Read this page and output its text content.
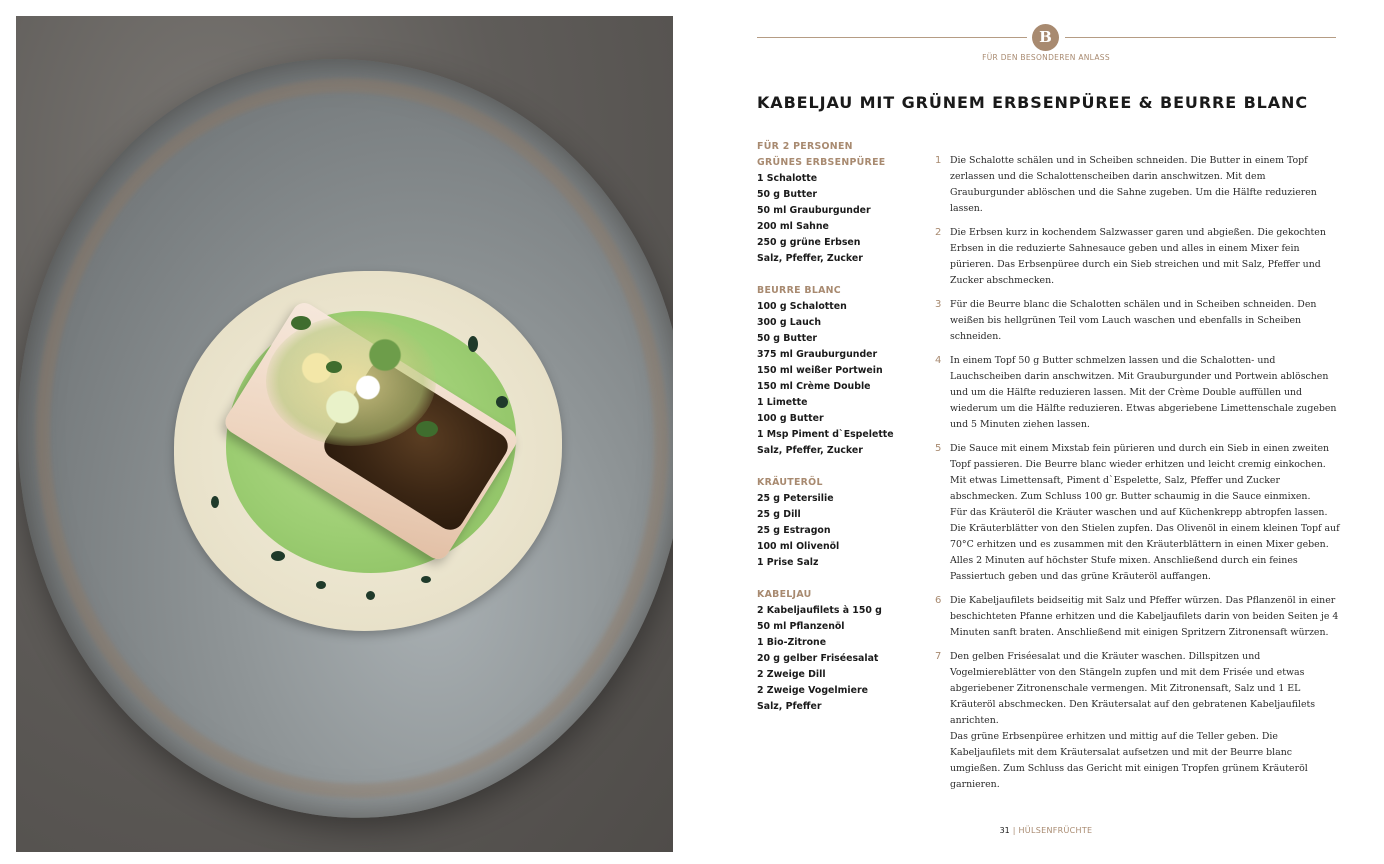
B
FÜR DEN BESONDEREN ANLASS
KABELJAU MIT GRÜNEM ERBSENPÜREE & BEURRE BLANC
FÜR 2 PERSONEN
GRÜNES ERBSENPÜREE
1 Schalotte
50 g Butter
50 ml Grauburgunder
200 ml Sahne
250 g grüne Erbsen
Salz, Pfeffer, Zucker
BEURRE BLANC
100 g Schalotten
300 g Lauch
50 g Butter
375 ml Grauburgunder
150 ml weißer Portwein
150 ml Crème Double
1 Limette
100 g Butter
1 Msp Piment d`Espelette
Salz, Pfeffer, Zucker
KRÄUTERÖL
25 g Petersilie
25 g Dill
25 g Estragon
100 ml Olivenöl
1 Prise Salz
KABELJAU
2 Kabeljaufilets à 150 g
50 ml Pflanzenöl
1 Bio-Zitrone
20 g gelber Friséesalat
2 Zweige Dill
2 Zweige Vogelmiere
Salz, Pfeffer
1 Die Schalotte schälen und in Scheiben schneiden. Die Butter in einem Topf zerlassen und die Schalottenscheiben darin anschwitzen. Mit dem Grauburgunder ablöschen und die Sahne zugeben. Um die Hälfte reduzieren lassen.
2 Die Erbsen kurz in kochendem Salzwasser garen und abgießen. Die gekochten Erbsen in die reduzierte Sahnesauce geben und alles in einem Mixer fein pürieren. Das Erbsenpüree durch ein Sieb streichen und mit Salz, Pfeffer und Zucker abschmecken.
3 Für die Beurre blanc die Schalotten schälen und in Scheiben schneiden. Den weißen bis hellgrünen Teil vom Lauch waschen und ebenfalls in Scheiben schneiden.
4 In einem Topf 50 g Butter schmelzen lassen und die Schalotten- und Lauchscheiben darin anschwitzen. Mit Grauburgunder und Portwein ablöschen und um die Hälfte reduzieren lassen. Mit der Crème Double auffüllen und wiederum um die Hälfte reduzieren. Etwas abgeriebene Limettenschale zugeben und 5 Minuten ziehen lassen.
5 Die Sauce mit einem Mixstab fein pürieren und durch ein Sieb in einen zweiten Topf passieren. Die Beurre blanc wieder erhitzen und leicht cremig einkochen. Mit etwas Limettensaft, Piment d`Espelette, Salz, Pfeffer und Zucker abschmecken. Zum Schluss 100 gr. Butter schaumig in die Sauce einmixen.
Für das Kräuteröl die Kräuter waschen und auf Küchenkrepp abtropfen lassen. Die Kräuterblätter von den Stielen zupfen. Das Olivenöl in einem kleinen Topf auf 70°C erhitzen und es zusammen mit den Kräuterblättern in einen Mixer geben. Alles 2 Minuten auf höchster Stufe mixen. Anschließend durch ein feines Passiertuch geben und das grüne Kräuteröl auffangen.
6 Die Kabeljaufilets beidseitig mit Salz und Pfeffer würzen. Das Pflanzenöl in einer beschichteten Pfanne erhitzen und die Kabeljaufilets darin von beiden Seiten je 4 Minuten sanft braten. Anschließend mit einigen Spritzern Zitronensaft würzen.
7 Den gelben Friséesalat und die Kräuter waschen. Dillspitzen und Vogelmiereblätter von den Stängeln zupfen und mit dem Frisée und etwas abgeriebener Zitronenschale vermengen. Mit Zitronensaft, Salz und 1 EL Kräuteröl abschmecken. Den Kräutersalat auf den gebratenen Kabeljaufilets anrichten.
Das grüne Erbsenpüree erhitzen und mittig auf die Teller geben. Die Kabeljaufilets mit dem Kräutersalat aufsetzen und mit der Beurre blanc umgießen. Zum Schluss das Gericht mit einigen Tropfen grünem Kräuteröl garnieren.
31 | HÜLSENFRÜCHTE
